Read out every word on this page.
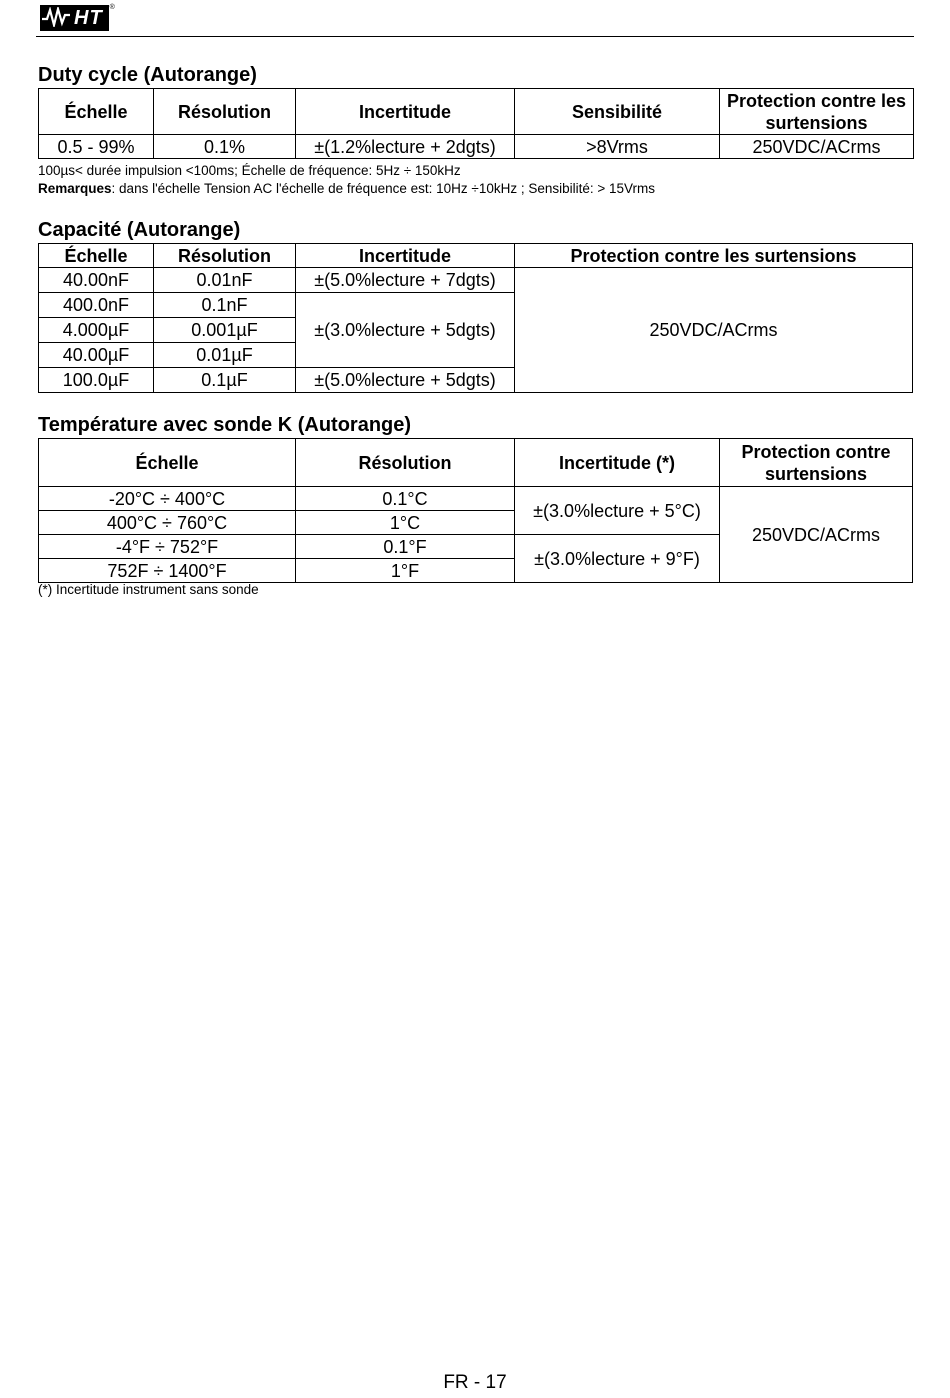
HT	®
Duty cycle (Autorange)
Échelle	Résolution	Incertitude	Sensibilité	Protection contre les surtensions
0.5 - 99%	0.1%	±(1.2%lecture + 2dgts)	>8Vrms	250VDC/ACrms
100µs< durée impulsion <100ms; Échelle de fréquence: 5Hz ÷ 150kHz
Remarques: dans l'échelle Tension AC l'échelle de fréquence est: 10Hz ÷10kHz ; Sensibilité: > 15Vrms
Capacité (Autorange)
Échelle	Résolution	Incertitude	Protection contre les surtensions
40.00nF	0.01nF	±(5.0%lecture + 7dgts)	250VDC/ACrms
400.0nF	0.1nF	±(3.0%lecture + 5dgts)	
4.000µF	0.001µF		
40.00µF	0.01µF		
100.0µF	0.1µF	±(5.0%lecture + 5dgts)	
Température avec sonde K (Autorange)
Échelle	Résolution	Incertitude (*)	Protection contre surtensions
-20°C ÷ 400°C	0.1°C	±(3.0%lecture + 5°C)	250VDC/ACrms
400°C ÷ 760°C	1°C		
-4°F ÷ 752°F	0.1°F	±(3.0%lecture + 9°F)	
752F ÷ 1400°F	1°F		
(*) Incertitude instrument sans sonde
FR - 17
